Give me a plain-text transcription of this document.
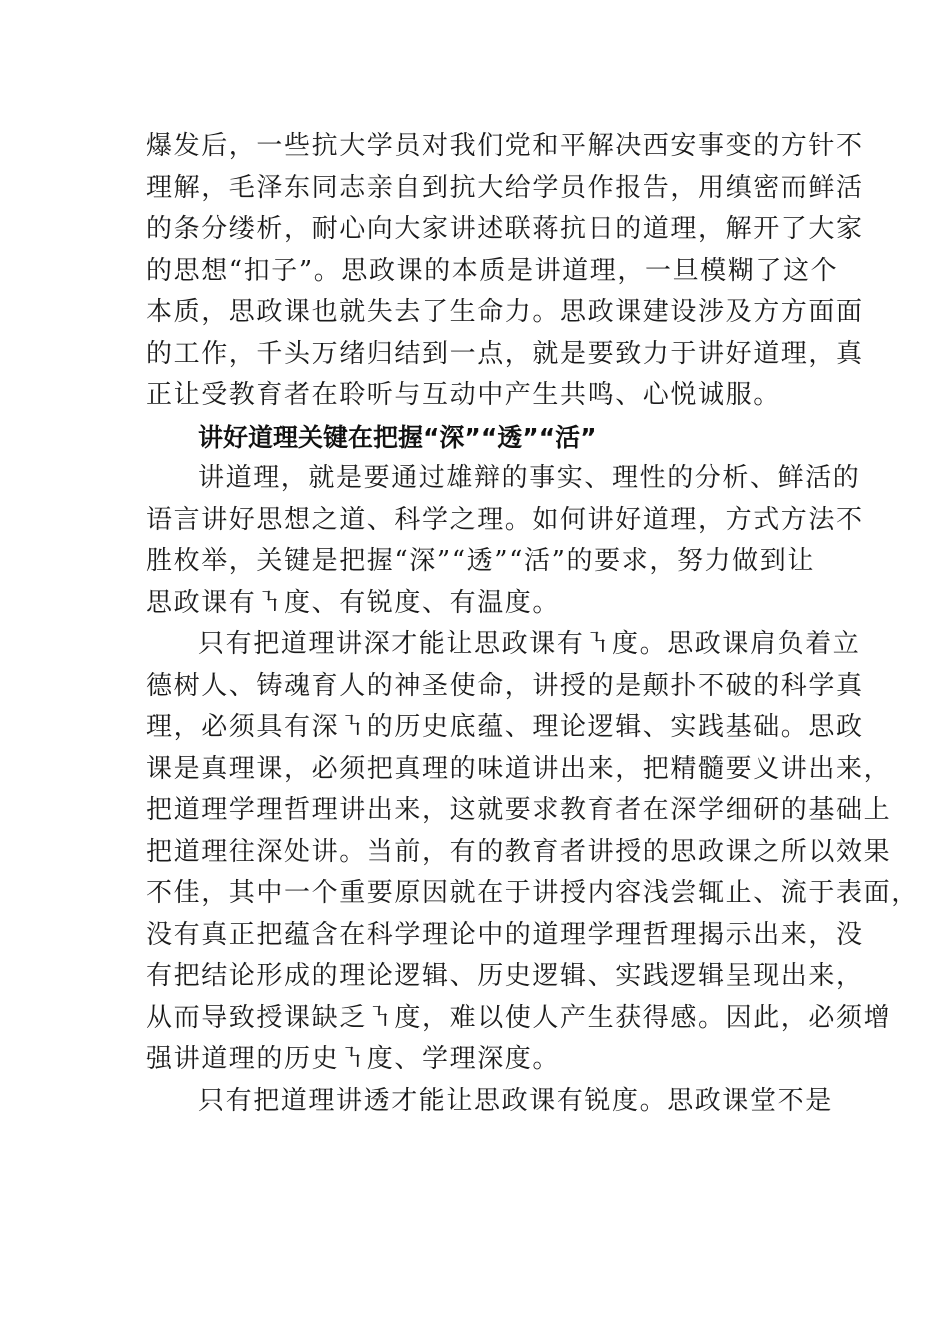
爆发后，一些抗大学员对我们党和平解决西安事变的方针不
理解，毛泽东同志亲自到抗大给学员作报告，用缜密而鲜活
的条分缕析，耐心向大家讲述联蒋抗日的道理，解开了大家
的思想“扣子”。思政课的本质是讲道理，一旦模糊了这个
本质，思政课也就失去了生命力。思政课建设涉及方方面面
的工作，千头万绪归结到一点，就是要致力于讲好道理，真
正让受教育者在聆听与互动中产生共鸣、心悦诚服。
讲好道理关键在把握“深”“透”“活”
讲道理，就是要通过雄辩的事实、理性的分析、鲜活的
语言讲好思想之道、科学之理。如何讲好道理，方式方法不
胜枚举，关键是把握“深”“透”“活”的要求，努力做到让
思政课有㇎度、有锐度、有温度。
只有把道理讲深才能让思政课有㇎度。思政课肩负着立
德树人、铸魂育人的神圣使命，讲授的是颠扑不破的科学真
理，必须具有深㇎的历史底蕴、理论逻辑、实践基础。思政
课是真理课，必须把真理的味道讲出来，把精髓要义讲出来，
把道理学理哲理讲出来，这就要求教育者在深学细研的基础上
把道理往深处讲。当前，有的教育者讲授的思政课之所以效果
不佳，其中一个重要原因就在于讲授内容浅尝辄止、流于表面，
没有真正把蕴含在科学理论中的道理学理哲理揭示出来，没
有把结论形成的理论逻辑、历史逻辑、实践逻辑呈现出来，
从而导致授课缺乏㇎度，难以使人产生获得感。因此，必须增
强讲道理的历史㇎度、学理深度。
只有把道理讲透才能让思政课有锐度。思政课堂不是
